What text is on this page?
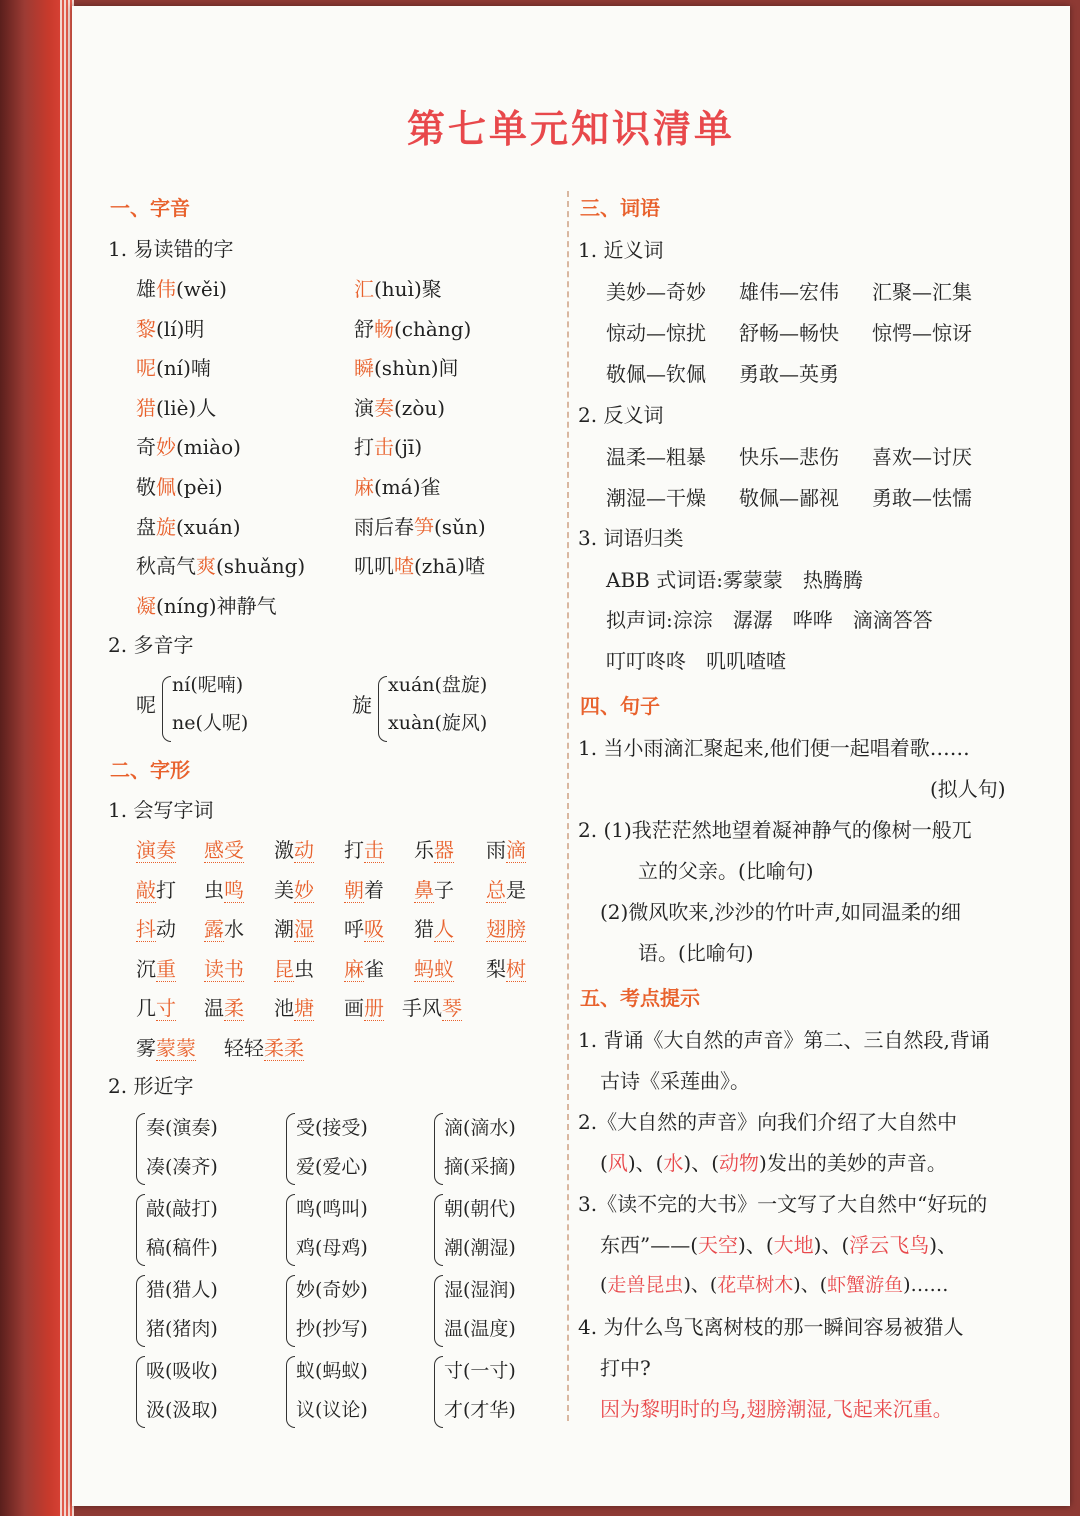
第七单元知识清单
一、字音
1. 易读错的字
雄伟(wěi)
黎(lí)明
呢(ní)喃
猎(liè)人
奇妙(miào)
敬佩(pèi)
盘旋(xuán)
秋高气爽(shuǎng)
凝(níng)神静气
汇(huì)聚
舒畅(chàng)
瞬(shùn)间
演奏(zòu)
打击(jī)
麻(má)雀
雨后春笋(sǔn)
叽叽喳(zhā)喳
2. 多音字
呢
ní(呢喃)
ne(人呢)
旋
xuán(盘旋)
xuàn(旋风)
二、字形
1. 会写字词
演奏 感受 激动 打击 乐器 雨滴
敲打 虫鸣 美妙 朝着 鼻子 总是
抖动 露水 潮湿 呼吸 猎人 翅膀
沉重 读书 昆虫 麻雀 蚂蚁 梨树
几寸 温柔 池塘 画册 手风琴
雾蒙蒙 轻轻柔柔
2. 形近字
奏(演奏)
凑(凑齐)
受(接受)
爱(爱心)
滴(滴水)
摘(采摘)
敲(敲打)
稿(稿件)
鸣(鸣叫)
鸡(母鸡)
朝(朝代)
潮(潮湿)
猎(猎人)
猪(猪肉)
妙(奇妙)
抄(抄写)
湿(湿润)
温(温度)
吸(吸收)
汲(汲取)
蚁(蚂蚁)
议(议论)
寸(一寸)
才(才华)
三、词语
1. 近义词
美妙—奇妙 雄伟—宏伟 汇聚—汇集
惊动—惊扰 舒畅—畅快 惊愕—惊讶
敬佩—钦佩 勇敢—英勇
2. 反义词
温柔—粗暴 快乐—悲伤 喜欢—讨厌
潮湿—干燥 敬佩—鄙视 勇敢—怯懦
3. 词语归类
ABB 式词语:雾蒙蒙　热腾腾
拟声词:淙淙　潺潺　哗哗　滴滴答答
叮叮咚咚　叽叽喳喳
四、句子
1. 当小雨滴汇聚起来,他们便一起唱着歌……
(拟人句)
2. (1)我茫茫然地望着凝神静气的像树一般兀
立的父亲。(比喻句)
(2)微风吹来,沙沙的竹叶声,如同温柔的细
语。(比喻句)
五、考点提示
1. 背诵《大自然的声音》第二、三自然段,背诵
古诗《采莲曲》。
2.《大自然的声音》向我们介绍了大自然中
(风)、(水)、(动物)发出的美妙的声音。
3.《读不完的大书》一文写了大自然中“好玩的
东西”——(天空)、(大地)、(浮云飞鸟)、
(走兽昆虫)、(花草树木)、(虾蟹游鱼)……
4. 为什么鸟飞离树枝的那一瞬间容易被猎人
打中?
因为黎明时的鸟,翅膀潮湿,飞起来沉重。
